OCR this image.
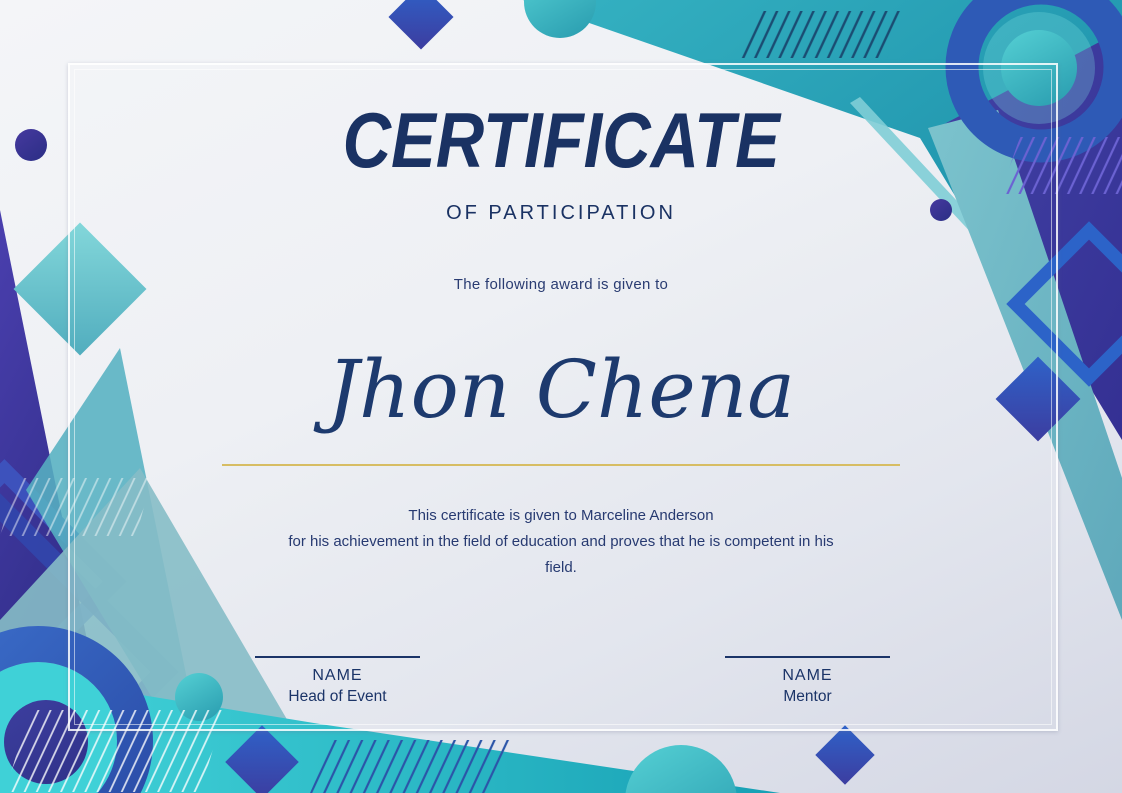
CERTIFICATE
OF PARTICIPATION
The following award is given to
Jhon Chena
This certificate is given to Marceline Anderson
for his achievement in the field of education and proves that he is competent in his
field.
NAME
Head of Event
NAME
Mentor
